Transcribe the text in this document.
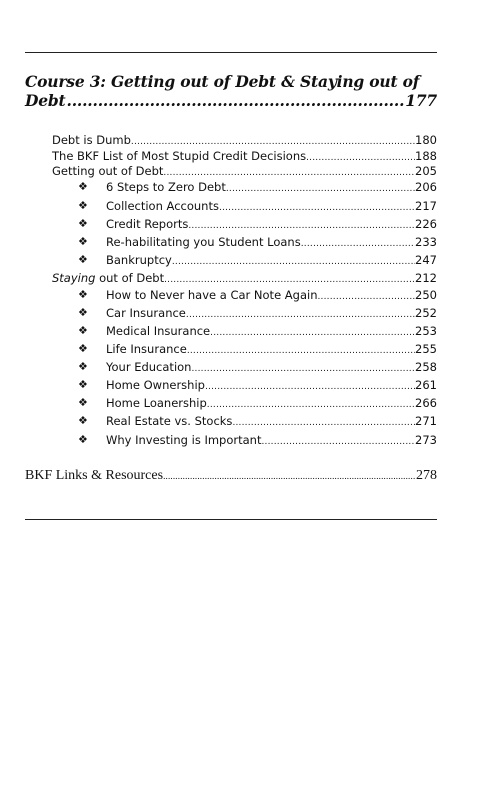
Course 3: Getting out of Debt & Staying out of
Debt .....	177
Debt is Dumb .....	180
The BKF List of Most Stupid Credit Decisions .....	188
Getting out of Debt .....	205
❖ 6 Steps to Zero Debt .....	206
❖ Collection Accounts .....	217
❖ Credit Reports .....	226
❖ Re-habilitating you Student Loans .....	233
❖ Bankruptcy .....	247
Staying out of Debt .....	212
❖ How to Never have a Car Note Again .....	250
❖ Car Insurance .....	252
❖ Medical Insurance .....	253
❖ Life Insurance .....	255
❖ Your Education .....	258
❖ Home Ownership .....	261
❖ Home Loanership .....	266
❖ Real Estate vs. Stocks .....	271
❖ Why Investing is Important .....	273
BKF Links & Resources .....	278
